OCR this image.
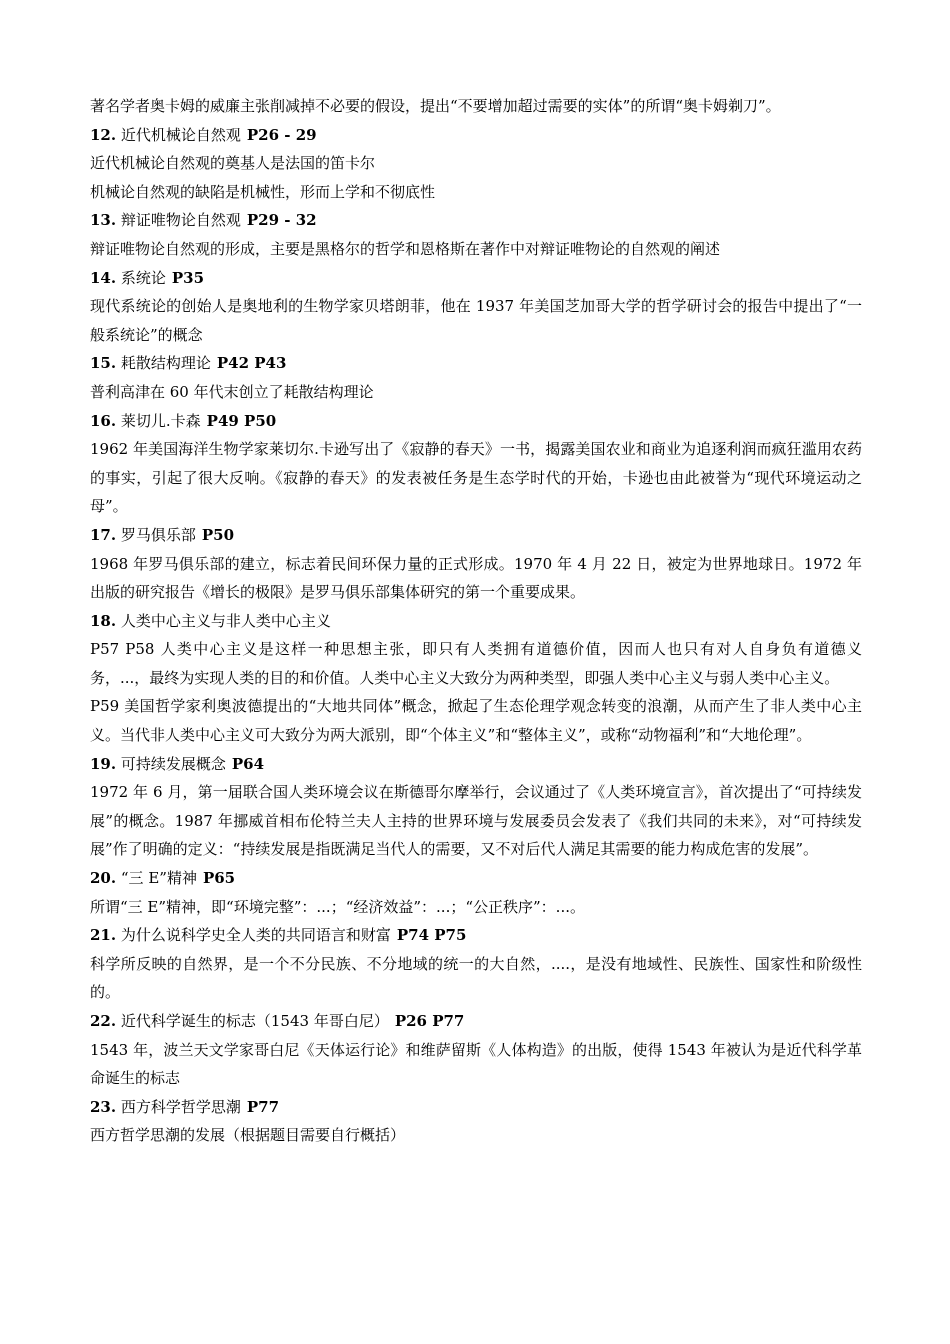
著名学者奥卡姆的威廉主张削减掉不必要的假设，提出“不要增加超过需要的实体”的所谓“奥卡姆剃刀”。

12. 近代机械论自然观 P26 - 29

近代机械论自然观的奠基人是法国的笛卡尔

机械论自然观的缺陷是机械性，形而上学和不彻底性

13. 辩证唯物论自然观 P29 - 32

辩证唯物论自然观的形成，主要是黑格尔的哲学和恩格斯在著作中对辩证唯物论的自然观的阐述

14. 系统论 P35

现代系统论的创始人是奥地利的生物学家贝塔朗菲，他在 1937 年美国芝加哥大学的哲学研讨会的报告中提出了“一般系统论”的概念

15. 耗散结构理论 P42 P43

普利高津在 60 年代末创立了耗散结构理论

16. 莱切儿.卡森 P49 P50

1962 年美国海洋生物学家莱切尔.卡逊写出了《寂静的春天》一书，揭露美国农业和商业为追逐利润而疯狂滥用农药的事实，引起了很大反响。《寂静的春天》的发表被任务是生态学时代的开始，卡逊也由此被誉为“现代环境运动之母”。

17. 罗马俱乐部 P50

1968 年罗马俱乐部的建立，标志着民间环保力量的正式形成。1970 年 4 月 22 日，被定为世界地球日。1972 年出版的研究报告《增长的极限》是罗马俱乐部集体研究的第一个重要成果。

18. 人类中心主义与非人类中心主义

P57 P58 人类中心主义是这样一种思想主张，即只有人类拥有道德价值，因而人也只有对人自身负有道德义务，...，最终为实现人类的目的和价值。人类中心主义大致分为两种类型，即强人类中心主义与弱人类中心主义。

P59 美国哲学家利奥波德提出的“大地共同体”概念，掀起了生态伦理学观念转变的浪潮，从而产生了非人类中心主义。当代非人类中心主义可大致分为两大派别，即“个体主义”和“整体主义”，或称“动物福利”和“大地伦理”。

19. 可持续发展概念 P64

1972 年 6 月，第一届联合国人类环境会议在斯德哥尔摩举行，会议通过了《人类环境宣言》，首次提出了“可持续发展”的概念。1987 年挪威首相布伦特兰夫人主持的世界环境与发展委员会发表了《我们共同的未来》，对“可持续发展”作了明确的定义：“持续发展是指既满足当代人的需要，又不对后代人满足其需要的能力构成危害的发展”。

20. “三 E”精神 P65

所谓“三 E”精神，即“环境完整”：...；“经济效益”：...；“公正秩序”：...。

21. 为什么说科学史全人类的共同语言和财富 P74 P75

科学所反映的自然界，是一个不分民族、不分地域的统一的大自然，....，是没有地域性、民族性、国家性和阶级性的。

22. 近代科学诞生的标志（1543 年哥白尼） P26 P77

1543 年，波兰天文学家哥白尼《天体运行论》和维萨留斯《人体构造》的出版，使得 1543 年被认为是近代科学革命诞生的标志

23. 西方科学哲学思潮 P77

西方哲学思潮的发展（根据题目需要自行概括）
